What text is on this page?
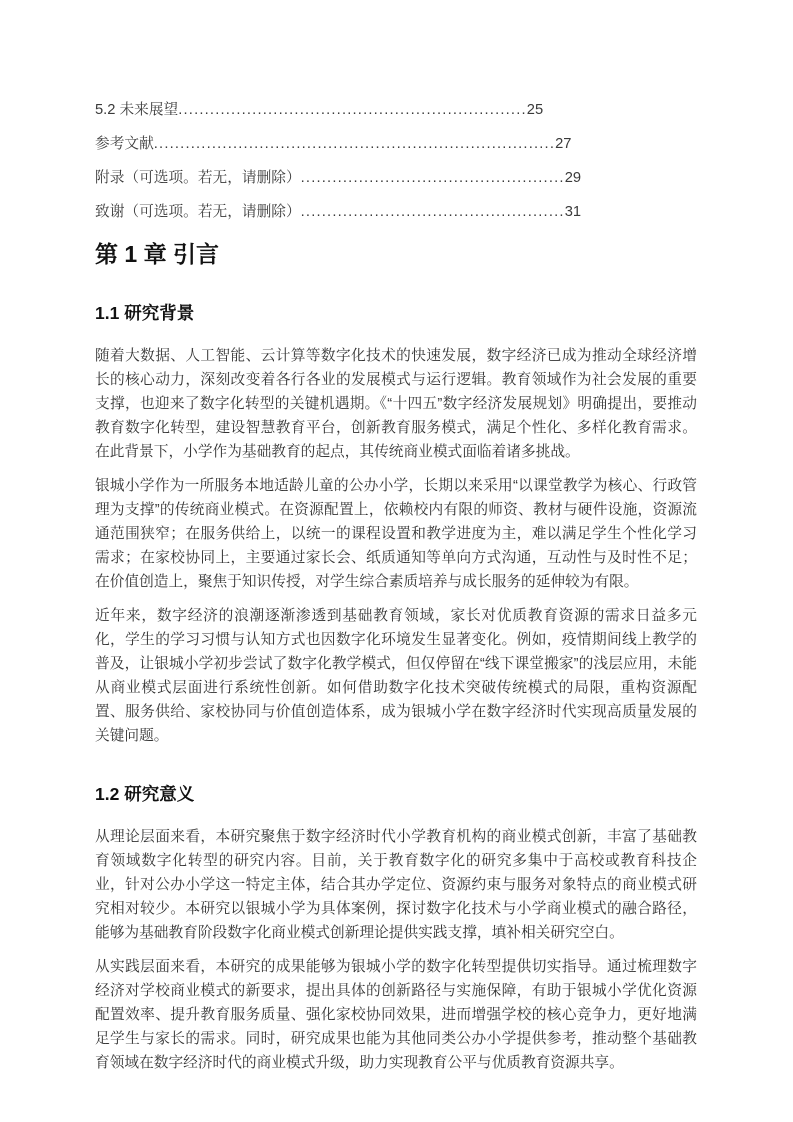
5.2 未来展望..................................................................25
参考文献............................................................................27
附录（可选项。若无，请删除）..................................................29
致谢（可选项。若无，请删除）..................................................31
第 1 章 引言
1.1 研究背景

随着大数据、人工智能、云计算等数字化技术的快速发展，数字经济已成为推动全球经济增长的核心动力，深刻改变着各行各业的发展模式与运行逻辑。教育领域作为社会发展的重要支撑，也迎来了数字化转型的关键机遇期。《“十四五”数字经济发展规划》明确提出，要推动教育数字化转型，建设智慧教育平台，创新教育服务模式，满足个性化、多样化教育需求。在此背景下，小学作为基础教育的起点，其传统商业模式面临着诸多挑战。

银城小学作为一所服务本地适龄儿童的公办小学，长期以来采用“以课堂教学为核心、行政管理为支撑”的传统商业模式。在资源配置上，依赖校内有限的师资、教材与硬件设施，资源流通范围狭窄；在服务供给上，以统一的课程设置和教学进度为主，难以满足学生个性化学习需求；在家校协同上，主要通过家长会、纸质通知等单向方式沟通，互动性与及时性不足；在价值创造上，聚焦于知识传授，对学生综合素质培养与成长服务的延伸较为有限。

近年来，数字经济的浪潮逐渐渗透到基础教育领域，家长对优质教育资源的需求日益多元化，学生的学习习惯与认知方式也因数字化环境发生显著变化。例如，疫情期间线上教学的普及，让银城小学初步尝试了数字化教学模式，但仅停留在“线下课堂搬家”的浅层应用，未能从商业模式层面进行系统性创新。如何借助数字化技术突破传统模式的局限，重构资源配置、服务供给、家校协同与价值创造体系，成为银城小学在数字经济时代实现高质量发展的关键问题。

1.2 研究意义

从理论层面来看，本研究聚焦于数字经济时代小学教育机构的商业模式创新，丰富了基础教育领域数字化转型的研究内容。目前，关于教育数字化的研究多集中于高校或教育科技企业，针对公办小学这一特定主体，结合其办学定位、资源约束与服务对象特点的商业模式研究相对较少。本研究以银城小学为具体案例，探讨数字化技术与小学商业模式的融合路径，能够为基础教育阶段数字化商业模式创新理论提供实践支撑，填补相关研究空白。

从实践层面来看，本研究的成果能够为银城小学的数字化转型提供切实指导。通过梳理数字经济对学校商业模式的新要求，提出具体的创新路径与实施保障，有助于银城小学优化资源配置效率、提升教育服务质量、强化家校协同效果，进而增强学校的核心竞争力，更好地满足学生与家长的需求。同时，研究成果也能为其他同类公办小学提供参考，推动整个基础教育领域在数字经济时代的商业模式升级，助力实现教育公平与优质教育资源共享。
